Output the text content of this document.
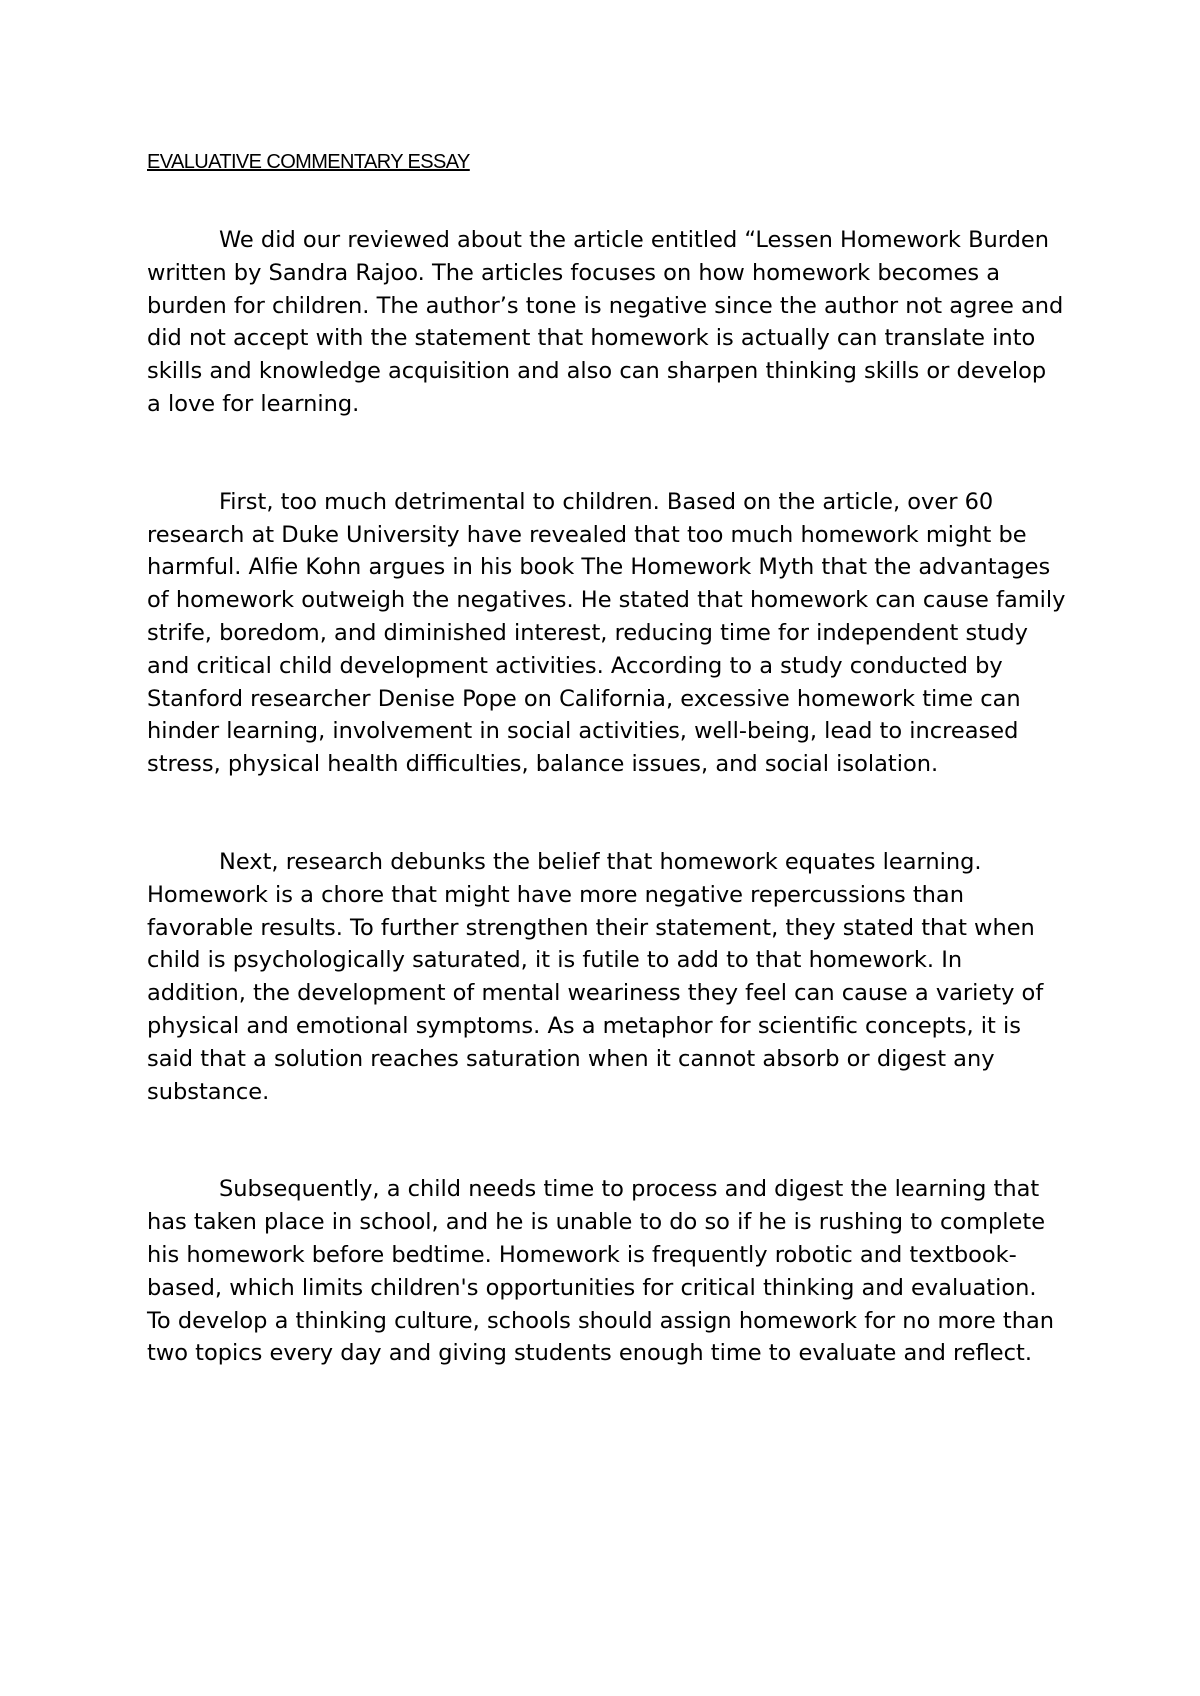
EVALUATIVE COMMENTARY ESSAY

We did our reviewed about the article entitled “Lessen Homework Burden written by Sandra Rajoo. The articles focuses on how homework becomes a burden for children. The author’s tone is negative since the author not agree and did not accept with the statement that homework is actually can translate into skills and knowledge acquisition and also can sharpen thinking skills or develop a love for learning.

First, too much detrimental to children. Based on the article, over 60 research at Duke University have revealed that too much homework might be harmful. Alfie Kohn argues in his book The Homework Myth that the advantages of homework outweigh the negatives. He stated that homework can cause family strife, boredom, and diminished interest, reducing time for independent study and critical child development activities. According to a study conducted by Stanford researcher Denise Pope on California, excessive homework time can hinder learning, involvement in social activities, well-being, lead to increased stress, physical health difficulties, balance issues, and social isolation.

Next, research debunks the belief that homework equates learning. Homework is a chore that might have more negative repercussions than favorable results. To further strengthen their statement, they stated that when child is psychologically saturated, it is futile to add to that homework. In addition, the development of mental weariness they feel can cause a variety of physical and emotional symptoms. As a metaphor for scientific concepts, it is said that a solution reaches saturation when it cannot absorb or digest any substance.

Subsequently, a child needs time to process and digest the learning that has taken place in school, and he is unable to do so if he is rushing to complete his homework before bedtime. Homework is frequently robotic and textbook-based, which limits children's opportunities for critical thinking and evaluation. To develop a thinking culture, schools should assign homework for no more than two topics every day and giving students enough time to evaluate and reflect.
